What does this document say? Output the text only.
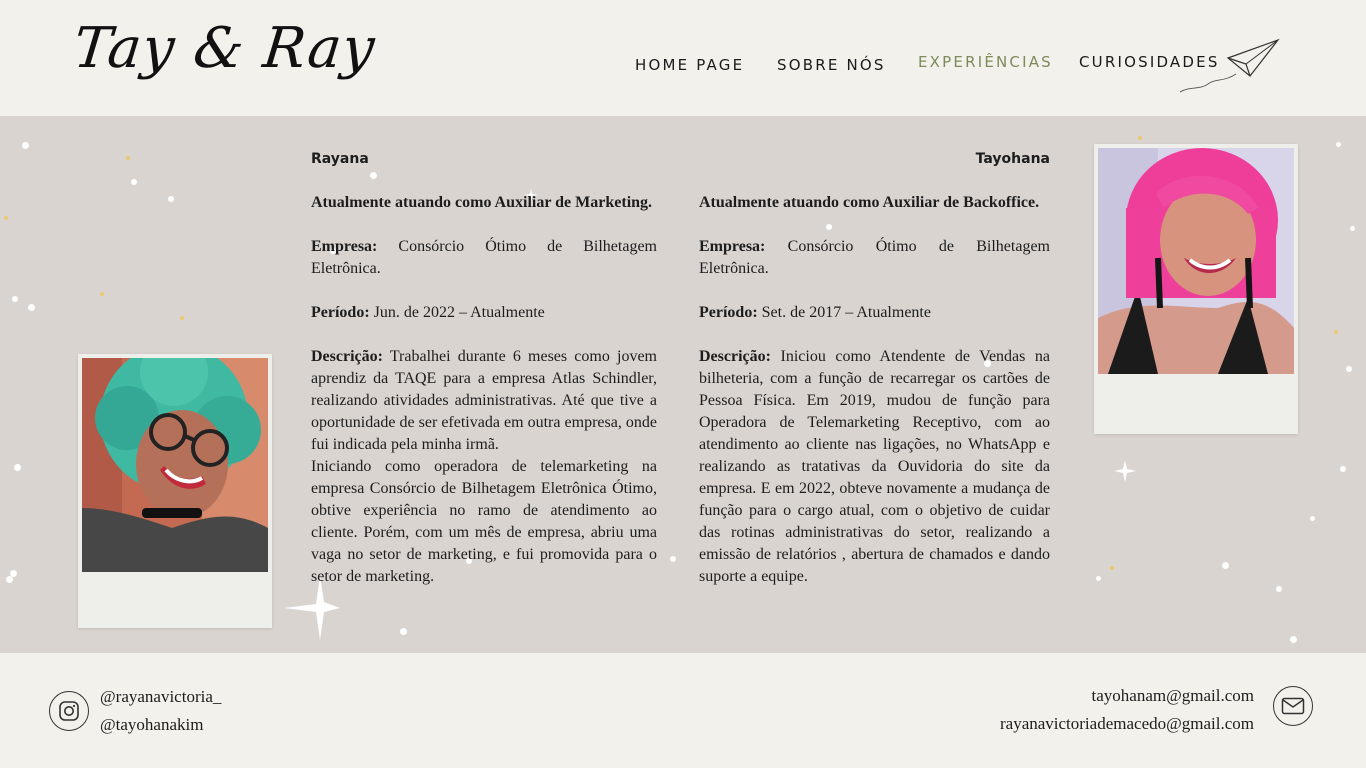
Tay & Ray	HOME PAGE SOBRE NÓS EXPERIÊNCIAS CURIOSIDADES
Rayana

Atualmente atuando como Auxiliar de Marketing.

Empresa: Consórcio Ótimo de Bilhetagem Eletrônica.

Período: Jun. de 2022 – Atualmente

Descrição: Trabalhei durante 6 meses como jovem aprendiz da TAQE para a empresa Atlas Schindler, realizando atividades administrativas. Até que tive a oportunidade de ser efetivada em outra empresa, onde fui indicada pela minha irmã.

Iniciando como operadora de telemarketing na empresa Consórcio de Bilhetagem Eletrônica Ótimo, obtive experiência no ramo de atendimento ao cliente. Porém, com um mês de empresa, abriu uma vaga no setor de marketing, e fui promovida para o setor de marketing.

Tayohana

Atualmente atuando como Auxiliar de Backoffice.

Empresa: Consórcio Ótimo de Bilhetagem Eletrônica.

Período: Set. de 2017 – Atualmente

Descrição: Iniciou como Atendente de Vendas na bilheteria, com a função de recarregar os cartões de Pessoa Física. Em 2019, mudou de função para Operadora de Telemarketing Receptivo, com ao atendimento ao cliente nas ligações, no WhatsApp e realizando as tratativas da Ouvidoria do site da empresa. E em 2022, obteve novamente a mudança de função para o cargo atual, com o objetivo de cuidar das rotinas administrativas do setor, realizando a emissão de relatórios , abertura de chamados e dando suporte a equipe.

@rayanavictoria_
@tayohanakim
tayohanam@gmail.com
rayanavictoriademacedo@gmail.com
